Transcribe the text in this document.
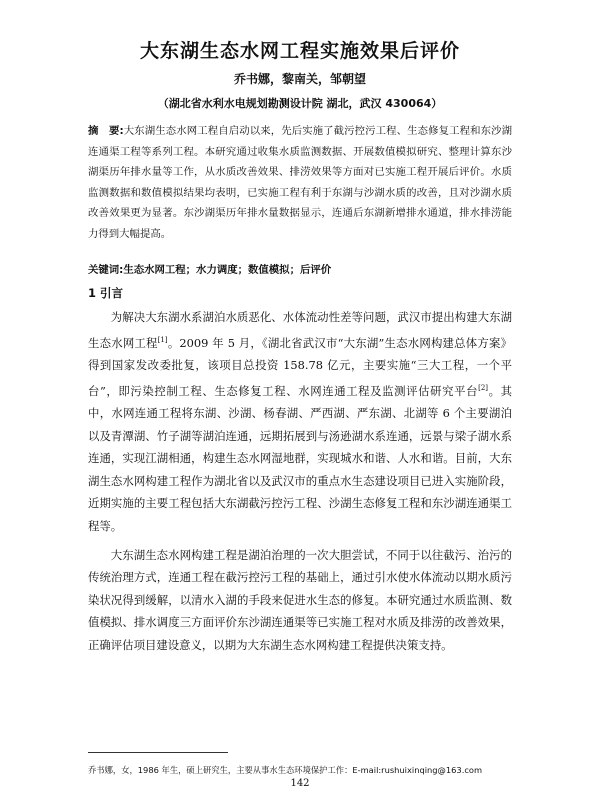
大东湖生态水网工程实施效果后评价
乔书娜，黎南关，邹朝望
（湖北省水利水电规划勘测设计院 湖北，武汉 430064）
摘　要:大东湖生态水网工程自启动以来，先后实施了截污控污工程、生态修复工程和东沙湖连通渠工程等系列工程。本研究通过收集水质监测数据、开展数值模拟研究、整理计算东沙湖渠历年排水量等工作，从水质改善效果、排涝效果等方面对已实施工程开展后评价。水质监测数据和数值模拟结果均表明，已实施工程有利于东湖与沙湖水质的改善，且对沙湖水质改善效果更为显著。东沙湖渠历年排水量数据显示，连通后东湖新增排水通道，排水排涝能力得到大幅提高。
关键词:生态水网工程；水力调度；数值模拟；后评价
1 引言

为解决大东湖水系湖泊水质恶化、水体流动性差等问题，武汉市提出构建大东湖生态水网工程[1]。2009 年 5 月，《湖北省武汉市“大东湖”生态水网构建总体方案》得到国家发改委批复，该项目总投资 158.78 亿元，主要实施“三大工程，一个平台”，即污染控制工程、生态修复工程、水网连通工程及监测评估研究平台[2]。其中，水网连通工程将东湖、沙湖、杨春湖、严西湖、严东湖、北湖等 6 个主要湖泊以及青潭湖、竹子湖等湖泊连通，远期拓展到与汤逊湖水系连通，远景与梁子湖水系连通，实现江湖相通，构建生态水网湿地群，实现城水和谐、人水和谐。目前，大东湖生态水网构建工程作为湖北省以及武汉市的重点水生态建设项目已进入实施阶段，近期实施的主要工程包括大东湖截污控污工程、沙湖生态修复工程和东沙湖连通渠工程等。

大东湖生态水网构建工程是湖泊治理的一次大胆尝试，不同于以往截污、治污的传统治理方式，连通工程在截污控污工程的基础上，通过引水使水体流动以期水质污染状况得到缓解，以清水入湖的手段来促进水生态的修复。本研究通过水质监测、数值模拟、排水调度三方面评价东沙湖连通渠等已实施工程对水质及排涝的改善效果，正确评估项目建设意义，以期为大东湖生态水网构建工程提供决策支持。

乔书娜，女，1986 年生，硕上研究生，主要从事水生态环境保护工作：E-mail:rushuixinqing@163.com
142
